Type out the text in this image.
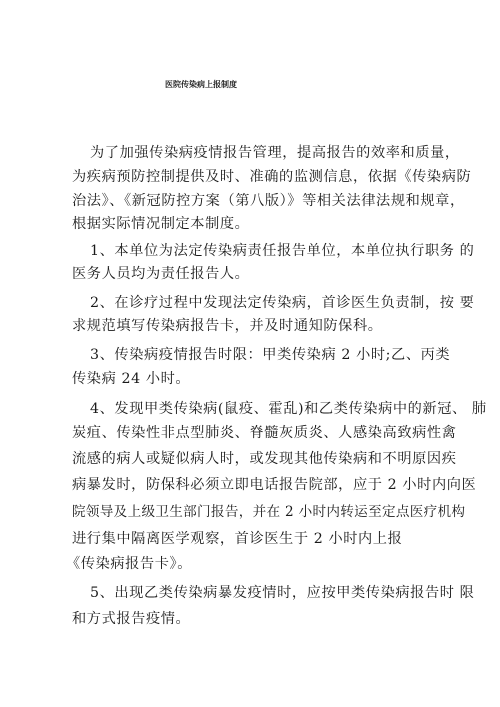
医院传染病上报制度
为了加强传染病疫情报告管理，提高报告的效率和质量，
为疾病预防控制提供及时、准确的监测信息，依据《传染病防
治法》、《新冠防控方案（第八版）》等相关法律法规和规章，
根据实际情况制定本制度。
1、本单位为法定传染病责任报告单位，本单位执行职务 的
医务人员均为责任报告人。
2、在诊疗过程中发现法定传染病，首诊医生负责制，按 要
求规范填写传染病报告卡，并及时通知防保科。
3、传染病疫情报告时限：甲类传染病 2 小时;乙、丙类
传染病 24 小时。
4、发现甲类传染病(鼠疫、霍乱)和乙类传染病中的新冠、 肺
炭疽、传染性非点型肺炎、脊髓灰质炎、人感染高致病性禽
流感的病人或疑似病人时，或发现其他传染病和不明原因疾
病暴发时，防保科必须立即电话报告院部，应于 2 小时内向医
院领导及上级卫生部门报告，并在 2 小时内转运至定点医疗机构
进行集中隔离医学观察，首诊医生于 2 小时内上报
《传染病报告卡》。
5、出现乙类传染病暴发疫情时，应按甲类传染病报告时 限
和方式报告疫情。
